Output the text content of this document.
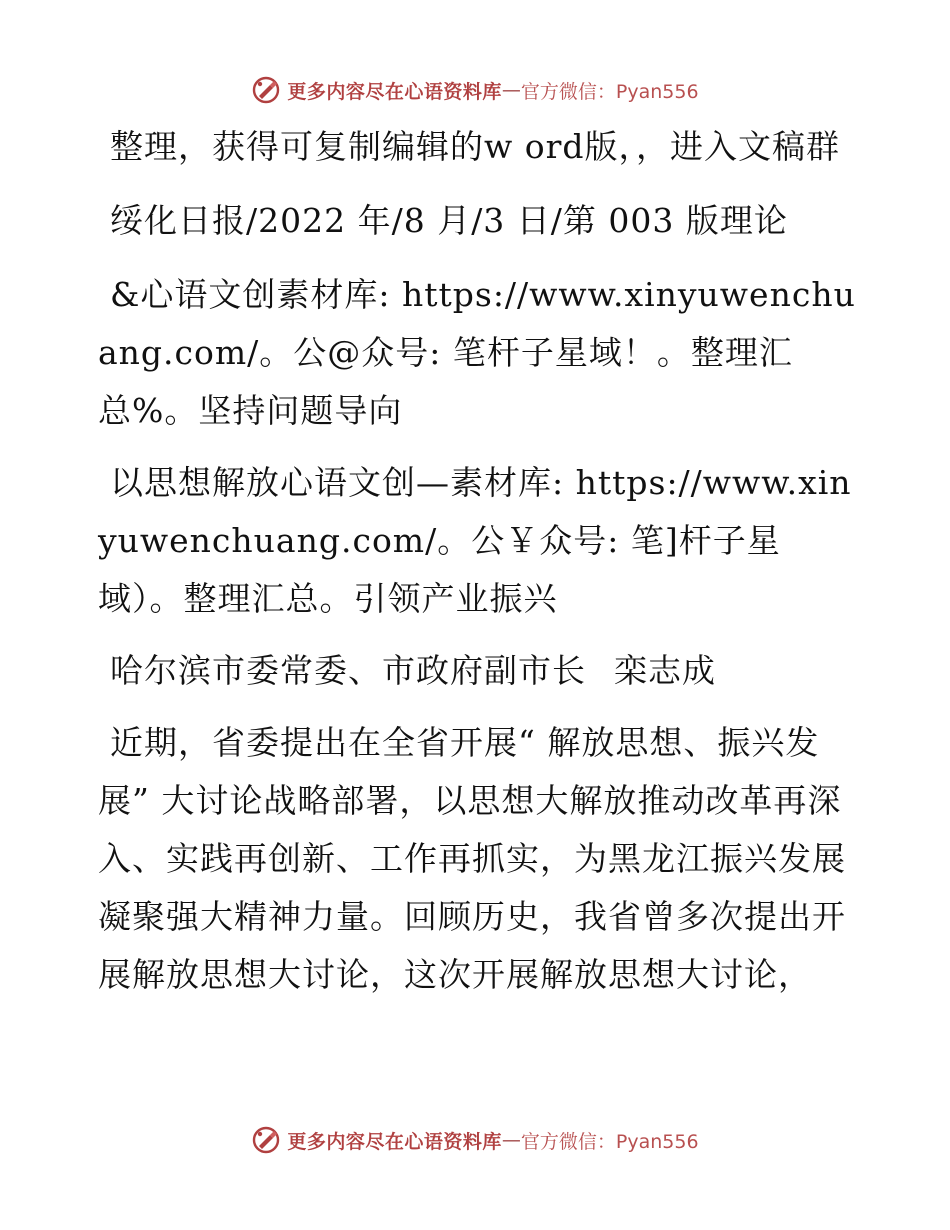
更多内容尽在心语资料库 — 官方微信：Pyan556

整理，获得可复制编辑的w ord版，，进入文稿群

绥化日报/2022 年/8 月/3 日/第 003 版理论

&心语文创素材库: https://www.xinyuwenchuang.com/。公@众号: 笔杆子星域！。整理汇总%。坚持问题导向

以思想解放心语文创—素材库: https://www.xinyuwenchuang.com/。公￥众号: 笔]杆子星域）。整理汇总。引领产业振兴

哈尔滨市委常委、市政府副市长 栾志成

近期，省委提出在全省开展“ 解放思想、振兴发展” 大讨论战略部署，以思想大解放推动改革再深入、实践再创新、工作再抓实，为黑龙江振兴发展凝聚强大精神力量。回顾历史，我省曾多次提出开展解放思想大讨论，这次开展解放思想大讨论，

更多内容尽在心语资料库 — 官方微信：Pyan556
